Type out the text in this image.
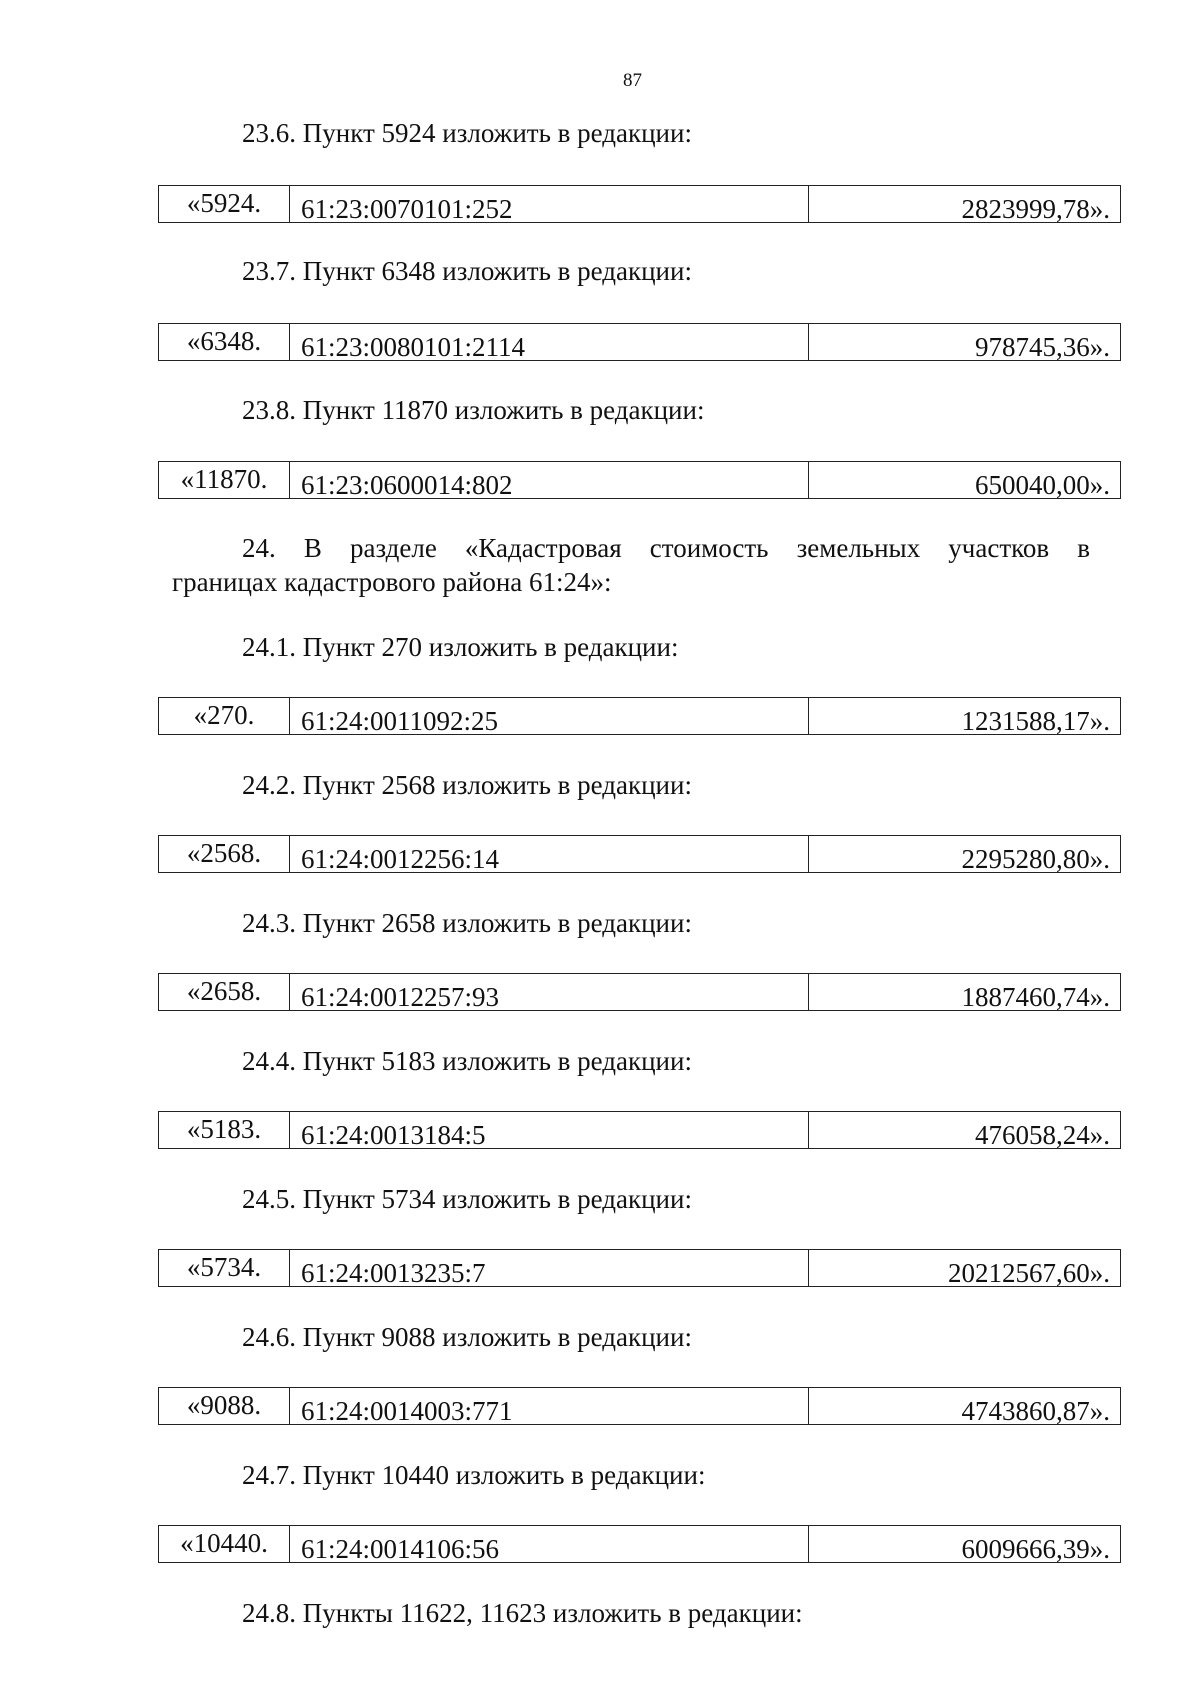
87
23.6. Пункт 5924 изложить в редакции:
«5924.	61:23:0070101:252	2823999,78».
23.7. Пункт 6348 изложить в редакции:
«6348.	61:23:0080101:2114	978745,36».
23.8. Пункт 11870 изложить в редакции:
«11870.	61:23:0600014:802	650040,00».
24. В разделе «Кадастровая стоимость земельных участков в
границах кадастрового района 61:24»:
24.1. Пункт 270 изложить в редакции:
«270.	61:24:0011092:25	1231588,17».
24.2. Пункт 2568 изложить в редакции:
«2568.	61:24:0012256:14	2295280,80».
24.3. Пункт 2658 изложить в редакции:
«2658.	61:24:0012257:93	1887460,74».
24.4. Пункт 5183 изложить в редакции:
«5183.	61:24:0013184:5	476058,24».
24.5. Пункт 5734 изложить в редакции:
«5734.	61:24:0013235:7	20212567,60».
24.6. Пункт 9088 изложить в редакции:
«9088.	61:24:0014003:771	4743860,87».
24.7. Пункт 10440 изложить в редакции:
«10440.	61:24:0014106:56	6009666,39».
24.8. Пункты 11622, 11623 изложить в редакции:
